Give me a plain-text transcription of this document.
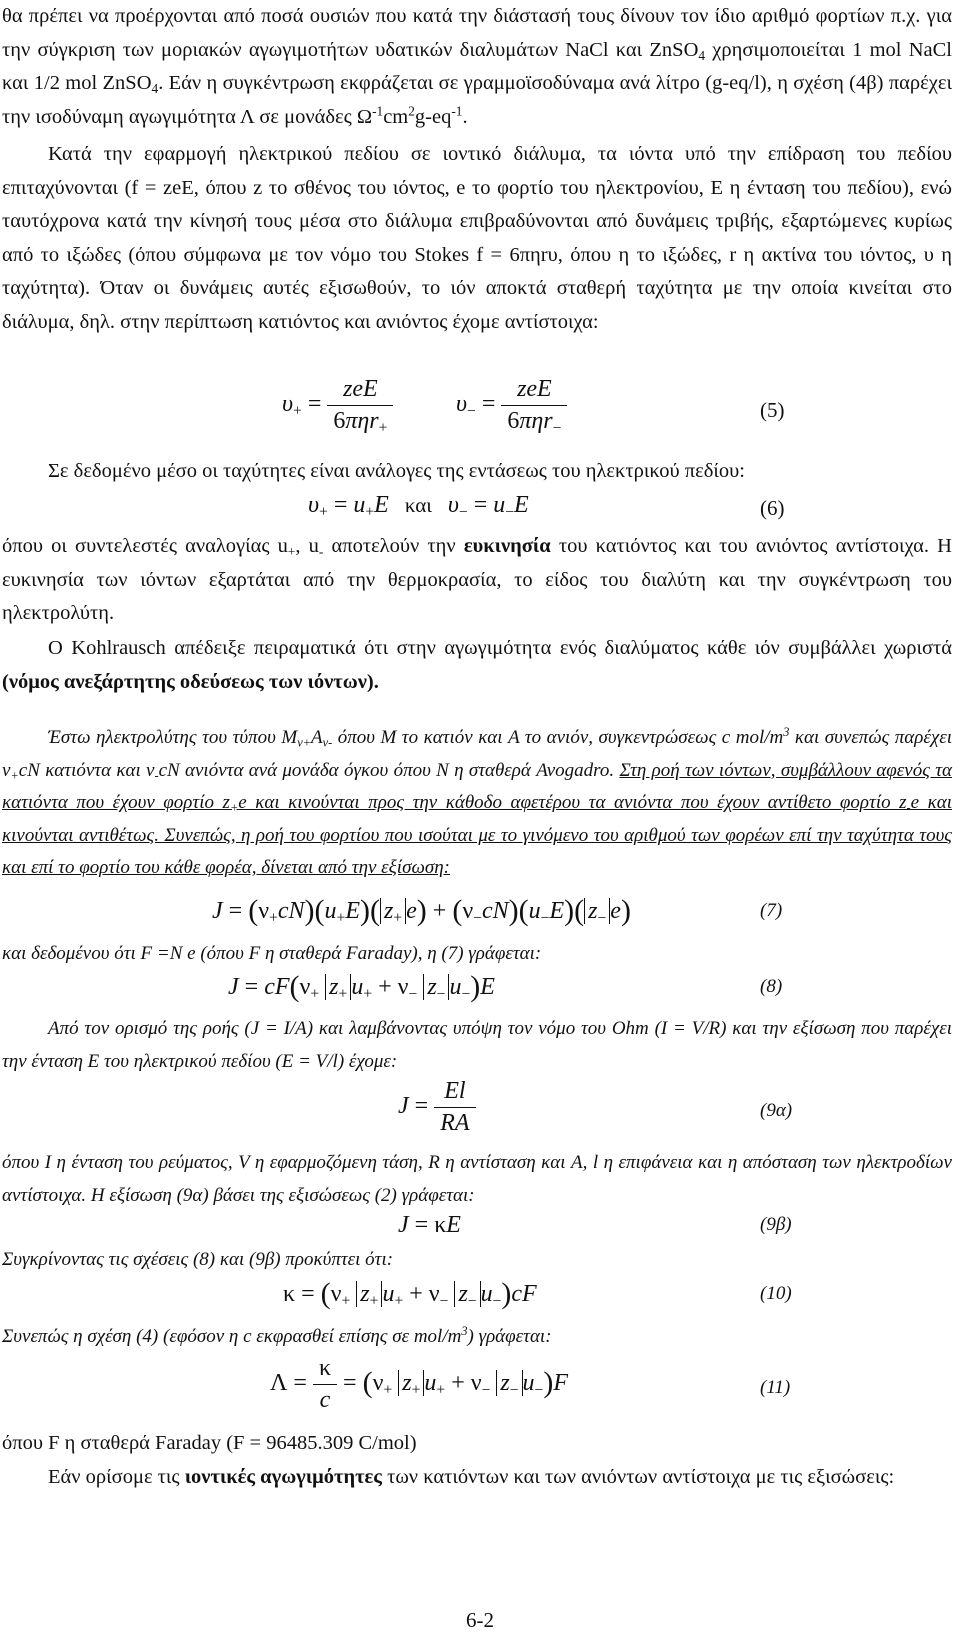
θα πρέπει να προέρχονται από ποσά ουσιών που κατά την διάστασή τους δίνουν τον ίδιο αριθμό φορτίων π.χ. για την σύγκριση των μοριακών αγωγιμοτήτων υδατικών διαλυμάτων NaCl και ZnSO$_4$ χρησιμοποιείται 1 mol NaCl και 1/2 mol ZnSO$_4$. Εάν η συγκέντρωση εκφράζεται σε γραμμοϊσοδύναμα ανά λίτρο (g-eq/l), η σχέση (4β) παρέχει την ισοδύναμη αγωγιμότητα Λ σε μονάδες $\Omega^{-1}cm^2g-eq^{-1}$.

Κατά την εφαρμογή ηλεκτρικού πεδίου σε ιοντικό διάλυμα, τα ιόντα υπό την επίδραση του πεδίου επιταχύνονται (f = zeE, όπου z το σθένος του ιόντος, e το φορτίο του ηλεκτρονίου, E η ένταση του πεδίου), ενώ ταυτόχρονα κατά την κίνησή τους μέσα στο διάλυμα επιβραδύνονται από δυνάμεις τριβής, εξαρτώμενες κυρίως από το ιξώδες (όπου σύμφωνα με τον νόμο του Stokes f = 6πηrυ, όπου η το ιξώδες, r η ακτίνα του ιόντος, υ η ταχύτητα). Όταν οι δυνάμεις αυτές εξισωθούν, το ιόν αποκτά σταθερή ταχύτητα με την οποία κινείται στο διάλυμα, δηλ. στην περίπτωση κατιόντος και ανιόντος έχομε αντίστοιχα:

$\upsilon_+ = \frac{\text{zeE}}{6\pi\eta r_+}$	$\upsilon_- = \frac{\text{zeE}}{6\pi\eta r_-}$	(5)

Σε δεδομένο μέσο οι ταχύτητες είναι ανάλογες της εντάσεως του ηλεκτρικού πεδίου:

$\upsilon_+ = u_+E$ και $\upsilon_- = u_-E$	(6)

όπου οι συντελεστές αναλογίας $u_+$, $u_-$ αποτελούν την ευκινησία του κατιόντος και του ανιόντος αντίστοιχα. Η ευκινησία των ιόντων εξαρτάται από την θερμοκρασία, το είδος του διαλύτη και την συγκέντρωση του ηλεκτρολύτη.

Ο Kohlrausch απέδειξε πειραματικά ότι στην αγωγιμότητα ενός διαλύματος κάθε ιόν συμβάλλει χωριστά (νόμος ανεξάρτητης οδεύσεως των ιόντων).

Έστω ηλεκτρολύτης του τύπου $M_{\nu+}A_{\nu-}$ όπου M το κατιόν και A το ανιόν, συγκεντρώσεως c mol/$m^3$ και συνεπώς παρέχει $\nu_+cN$ κατιόντα και $\nu_-cN$ ανιόντα ανά μονάδα όγκου όπου N η σταθερά Avogadro. Στη ροή των ιόντων, συμβάλλουν αφενός τα κατιόντα που έχουν φορτίο $z_+e$ και κινούνται προς την κάθοδο αφετέρου τα ανιόντα που έχουν αντίθετο φορτίο $z_-e$ και κινούνται αντιθέτως. Συνεπώς, η ροή του φορτίου που ισούται με το γινόμενο του αριθμού των φορέων επί την ταχύτητα τους και επί το φορτίο του κάθε φορέα, δίνεται από την εξίσωση:

$J = (\nu_+cN)(u_+E)$( $z_+$ $e) + (\nu_-cN)(u_-E)$( $z_-$ e)	(7)

και δεδομένου ότι F =N e (όπου F η σταθερά Faraday), η (7) γράφεται:

$J = cF(\nu_+$ $z_+$ $u_+ + \nu_-$ $z_-$ $u_-)E$	(8)

Από τον ορισμό της ροής (J = I/A) και λαμβάνοντας υπόψη τον νόμο του Ohm (I = V/R) και την εξίσωση που παρέχει την ένταση E του ηλεκτρικού πεδίου (E = V/l) έχομε:

$J = \frac{El}{RA}$	(9α)

όπου I η ένταση του ρεύματος, V η εφαρμοζόμενη τάση, R η αντίσταση και A, l η επιφάνεια και η απόσταση των ηλεκτροδίων αντίστοιχα. Η εξίσωση (9α) βάσει της εξισώσεως (2) γράφεται:

J = κE	(9β)

Συγκρίνοντας τις σχέσεις (8) και (9β) προκύπτει ότι:

$\kappa = (\nu_+$ $z_+$ $u_+ + \nu_-$ $z_-$ $u_-)cF$	(10)

Συνεπώς η σχέση (4) (εφόσον η c εκφρασθεί επίσης σε mol/$m^3$) γράφεται:

$\Lambda = \frac{\kappa}{c} = (\nu_+$ $z_+$ $u_+ + \nu_-$ $z_-$ $u_-)F$	(11)

όπου F η σταθερά Faraday (F = 96485.309 C/mol)

Εάν ορίσομε τις ιοντικές αγωγιμότητες των κατιόντων και των ανιόντων αντίστοιχα με τις εξισώσεις:

6-2
